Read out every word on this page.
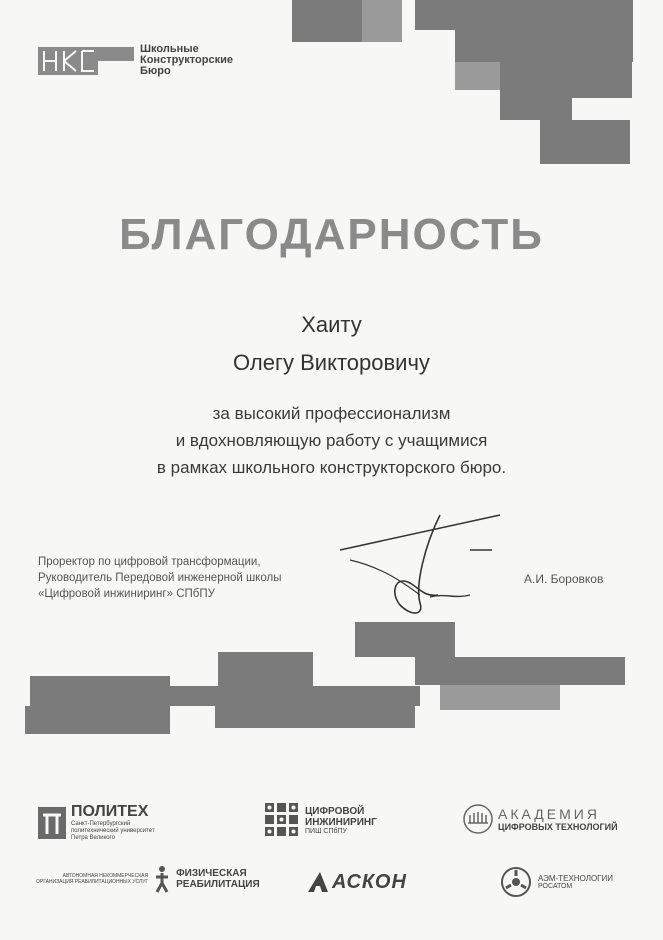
Школьные
Конструкторские
Бюро
БЛАГОДАРНОСТЬ
Хаиту
Олегу Викторовичу
за высокий профессионализм
и вдохновляющую работу с учащимися
в рамках школьного конструкторского бюро.
Проректор по цифровой трансформации,
Руководитель Передовой инженерной школы
«Цифровой инжиниринг» СПбПУ
А.И. Боровков
ПОЛИТЕХ
Санкт-Петербургский
политехнический университет
Петра Великого
ЦИФРОВОЙ
ИНЖИНИРИНГ
ПИШ СПбПУ
АКАДЕМИЯ
ЦИФРОВЫХ ТЕХНОЛОГИЙ
АВТОНОМНАЯ НЕКОММЕРЧЕСКАЯ
ОРГАНИЗАЦИЯ РЕАБИЛИТАЦИОННЫХ УСЛУГ
ФИЗИЧЕСКАЯ
РЕАБИЛИТАЦИЯ	АСКОН	АЭМ-ТЕХНОЛОГИИ
РОСАТОМ
